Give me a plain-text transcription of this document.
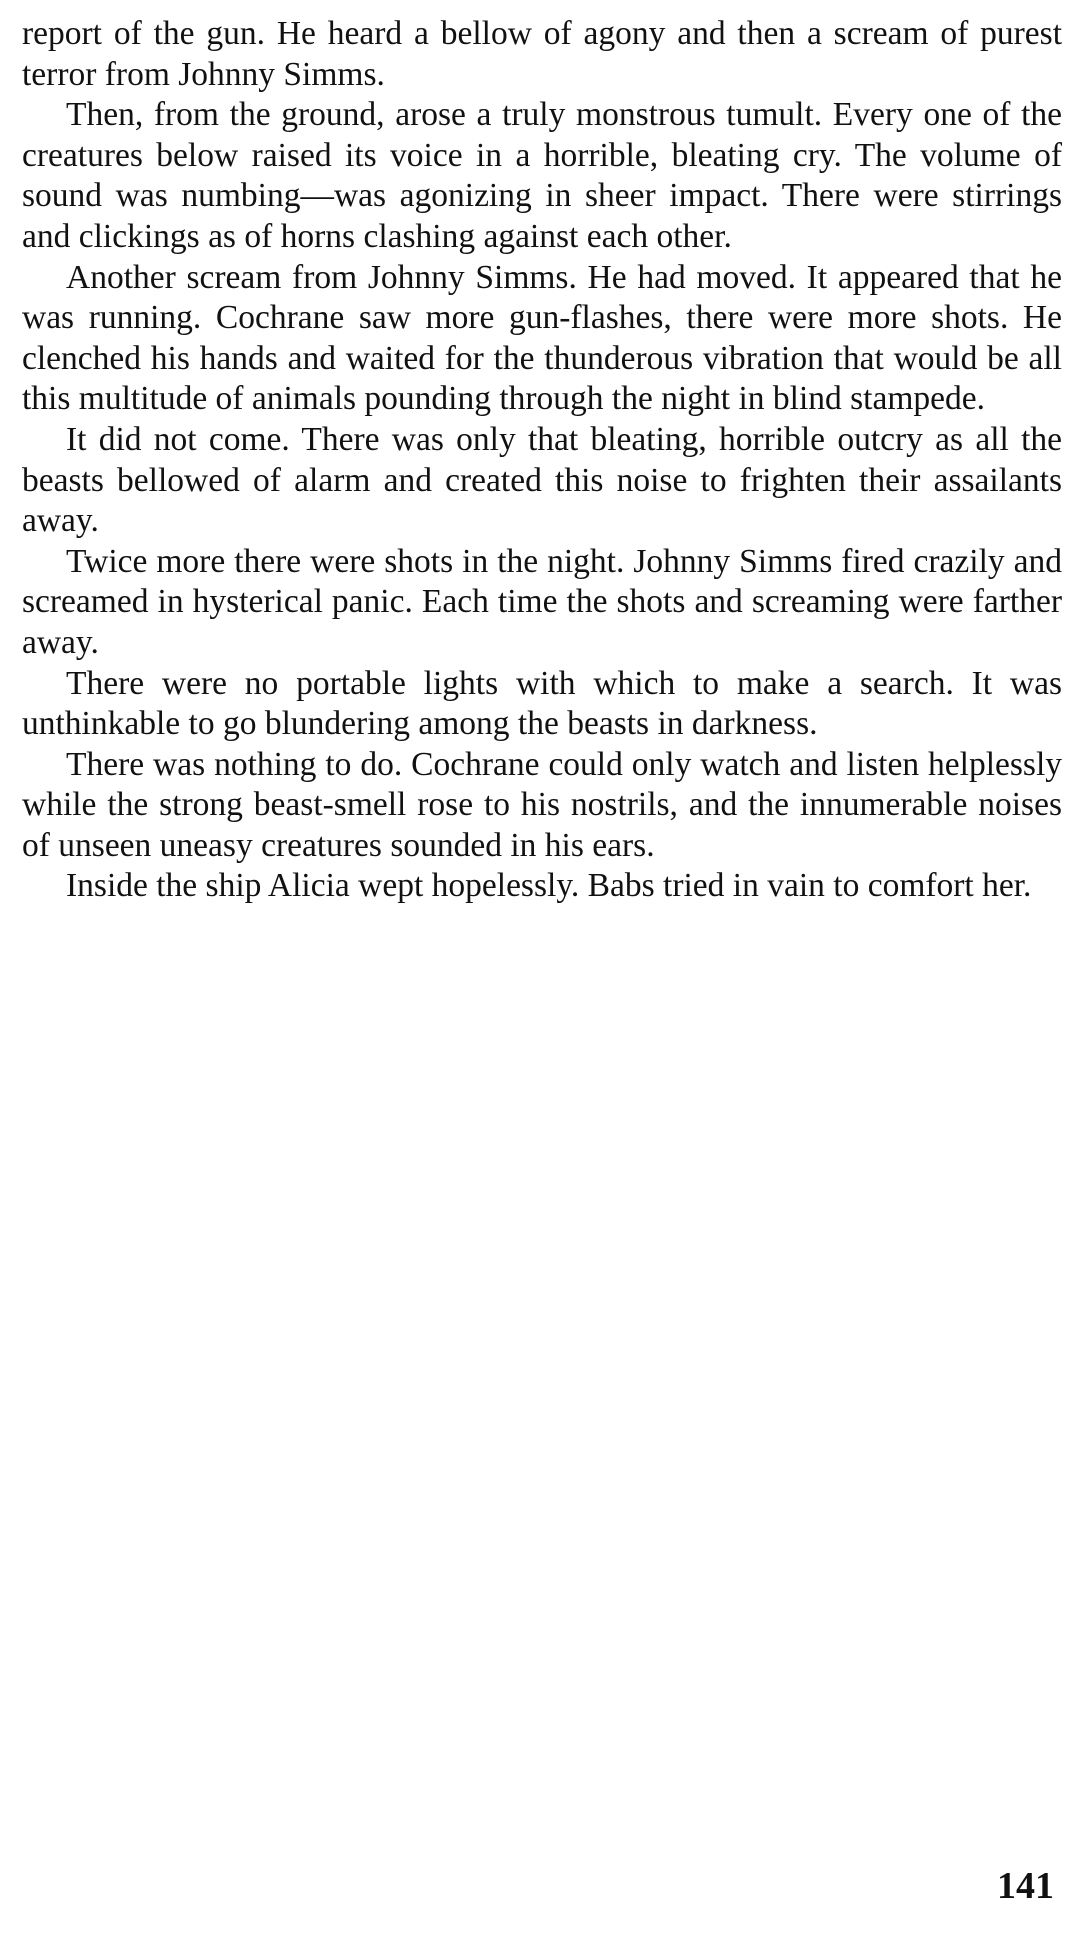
report of the gun. He heard a bellow of agony and then a scream of purest terror from Johnny Simms.

Then, from the ground, arose a truly monstrous tumult. Every one of the creatures below raised its voice in a horrible, bleating cry. The volume of sound was numbing—was agonizing in sheer impact. There were stirrings and clickings as of horns clashing against each other.

Another scream from Johnny Simms. He had moved. It appeared that he was running. Cochrane saw more gun-flashes, there were more shots. He clenched his hands and waited for the thunderous vibration that would be all this multitude of animals pounding through the night in blind stampede.

It did not come. There was only that bleating, horrible outcry as all the beasts bellowed of alarm and created this noise to frighten their assailants away.

Twice more there were shots in the night. Johnny Simms fired crazily and screamed in hysterical panic. Each time the shots and screaming were farther away.

There were no portable lights with which to make a search. It was unthinkable to go blundering among the beasts in darkness.

There was nothing to do. Cochrane could only watch and listen helplessly while the strong beast-smell rose to his nostrils, and the innumerable noises of unseen uneasy creatures sounded in his ears.

Inside the ship Alicia wept hopelessly. Babs tried in vain to comfort her.

141
